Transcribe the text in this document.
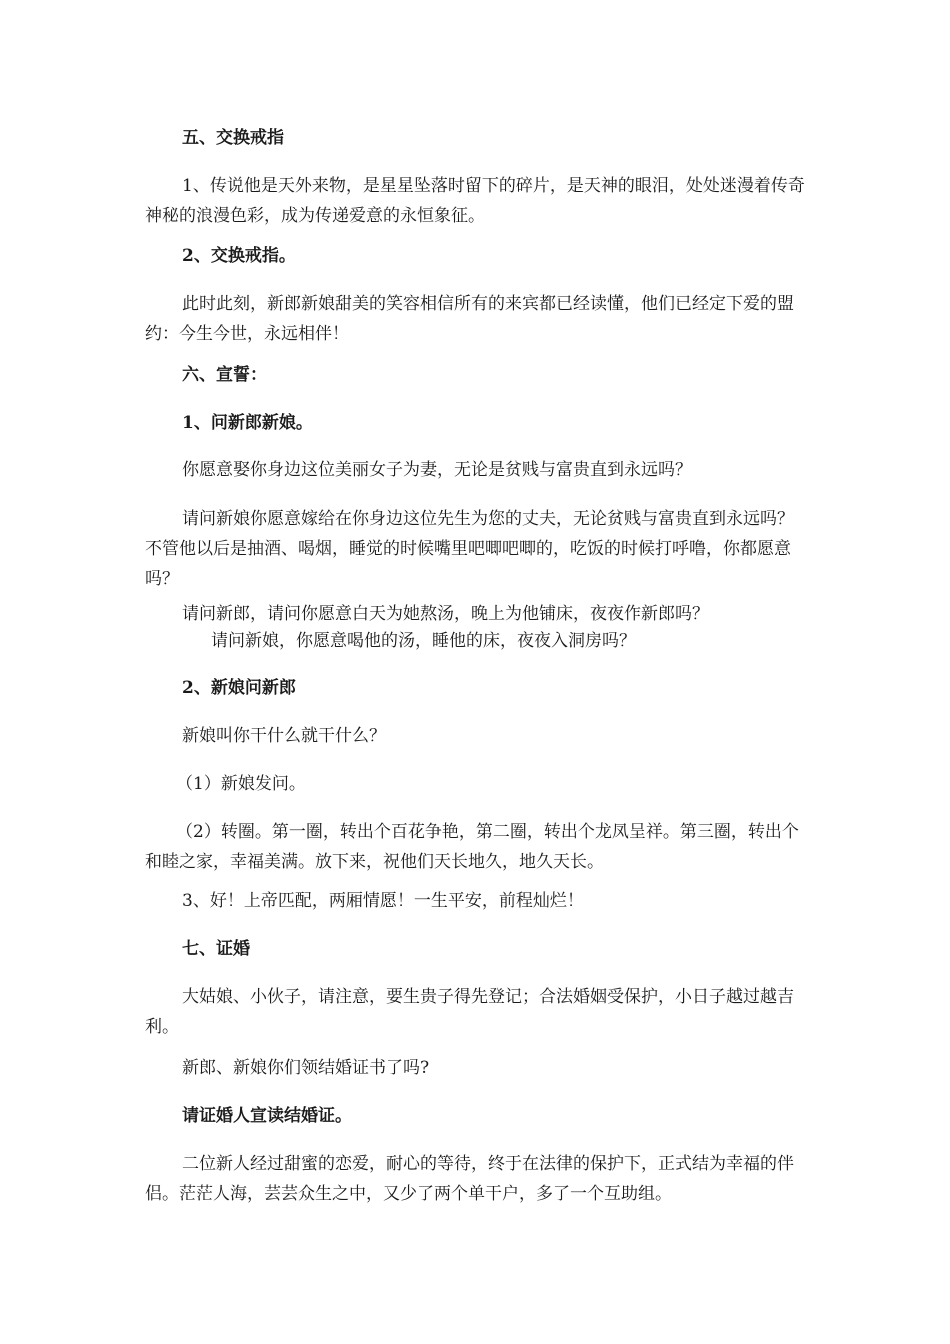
五、交换戒指

1、传说他是天外来物，是星星坠落时留下的碎片，是天神的眼泪，处处迷漫着传奇神秘的浪漫色彩，成为传递爱意的永恒象征。

2、交换戒指。

此时此刻，新郎新娘甜美的笑容相信所有的来宾都已经读懂，他们已经定下爱的盟约：今生今世，永远相伴！

六、宣誓：

1、问新郎新娘。

你愿意娶你身边这位美丽女子为妻，无论是贫贱与富贵直到永远吗？

请问新娘你愿意嫁给在你身边这位先生为您的丈夫，无论贫贱与富贵直到永远吗？不管他以后是抽酒、喝烟，睡觉的时候嘴里吧唧吧唧的，吃饭的时候打呼噜，你都愿意吗？

请问新郎，请问你愿意白天为她熬汤，晚上为他铺床，夜夜作新郎吗？

请问新娘，你愿意喝他的汤，睡他的床，夜夜入洞房吗？

2、新娘问新郎

新娘叫你干什么就干什么？

（1）新娘发问。

（2）转圈。第一圈，转出个百花争艳，第二圈，转出个龙凤呈祥。第三圈，转出个和睦之家，幸福美满。放下来，祝他们天长地久，地久天长。

3、好！上帝匹配，两厢情愿！一生平安，前程灿烂！

七、证婚

大姑娘、小伙子，请注意，要生贵子得先登记；合法婚姻受保护，小日子越过越吉利。

新郎、新娘你们领结婚证书了吗?

请证婚人宣读结婚证。

二位新人经过甜蜜的恋爱，耐心的等待，终于在法律的保护下，正式结为幸福的伴侣。茫茫人海，芸芸众生之中，又少了两个单干户，多了一个互助组。
